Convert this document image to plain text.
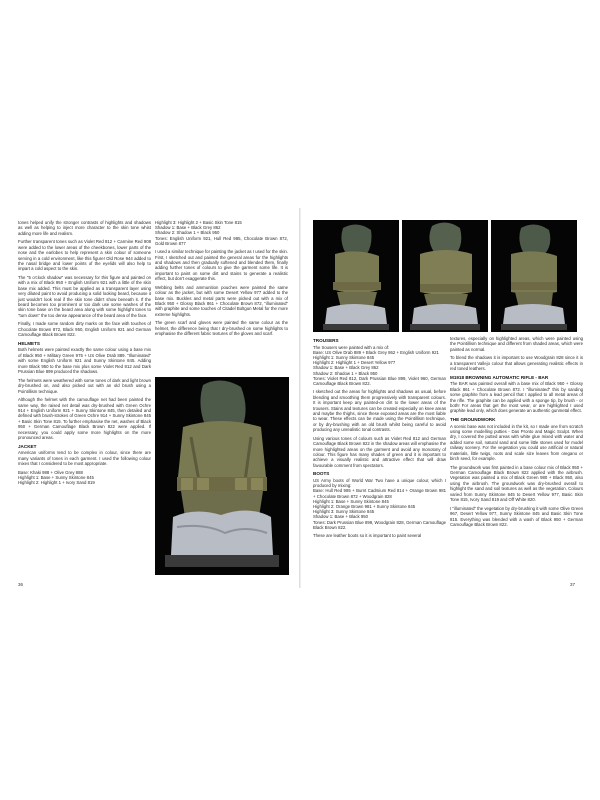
tones helped unify the stronger contrasts of highlights and shadows as well as helping to inject more character to the skin tone whist adding more life and realism.

Further transparent tones such as Violet Red 812 + Carmine Red 908 were added to the lower areas of the cheekbones, lower parts of the nose and the earlobes to help represent a skin colour of someone serving in a cold environment, like this figure! Old Rose 944 added to the nasal bridge and lower points of the eyelids will also help to impart a cold aspect to the skin.

The "5 o'clock shadow" was necessary for this figure and painted on with a mix of Black 950 + English Uniform 921 with a little of the skin base mix added. This must be applied as a transparent layer using very diluted paint to avoid producing a solid looking beard, because it just wouldn't look real if the skin tone didn't show beneath it. If the beard becomes too prominent or too dark use some washes of the skin tone base on the beard area along with some highlight tones to "turn down" the too dense appearance of the beard area of the face.

Finally, I made some random dirty marks on the face with touches of Chocolate Brown 872, Black 950, English Uniform 921 and German Camouflage Black Brown 822.

HELMETS

Both helmets were painted exactly the same colour using a base mix of Black 950 + Military Green 975 + US Olive Drab 889. "Illuminated" with some English Uniform 921 and Sunny Skintone 845. Adding more Black 950 to the base mix plus some Violet Red 812 and Dark Prussian Blue 899 produced the shadows.

The helmets were weathered with some tones of dark and light brown dry-brushed on, and also picked out with an old brush using a Pointillism technique.

Although the helmet with the camouflage net had been painted the same way, the raised net detail was dry-brushed with Green Ochre 914 + English Uniform 921 + Sunny Skintone 845, then detailed and defined with brush-strokes of Green Ochre 914 + Sunny Skintone 845 + Basic Skin Tone 815. To further emphasise the net, washes of Black 950 + German Camouflage Black Brown 822 were applied. If necessary, you could apply some more highlights on the more pronounced areas.

JACKET

American uniforms tend to be complex in colour, since there are many variants of tones in each garment. I used the following colour mixes that I considered to be most appropriate.

Base: Khaki 988 + Olive Grey 888
Highlight 1: Base + Sunny Skintone 845
Highlight 2: Highlight 1 + Ivory Sand 819
Highlight 3: Highlight 2 + Basic Skin Tone 815
Shadow 1: Base + Black Grey 862
Shadow 2: Shadow 1 + Black 950
Tones: English Uniform 921, Hull Red 985, Chocolate Brown 872, Gold Brown 877

I used a similar technique for painting the jacket as I used for the skin. First, I sketched out and painted the general areas for the highlights and shadows and then gradually softened and blended them, finally adding further tones of colours to give the garment some life. It is important to paint on some dirt and stains to generate a realistic effect, but don't exaggerate this.

Webbing belts and ammunition pouches were painted the same colour as the jacket, but with some Desert Yellow 977 added to the base mix. Buckles and metal parts were picked out with a mix of Black 950 + Glossy Black 861 + Chocolate Brown 872, "illuminated" with graphite and some touches of Citadel Boltgun Metal for the more extreme highlights.

The green scarf and gloves were painted the same colour as the helmet, the difference being that I dry-brushed on some highlights to emphasise the different fabric textures of the gloves and scarf.

36
TROUSERS
The trousers were painted with a mix of:
Base: US Olive Drab 889 + Black Grey 862 + English Uniform 921
Highlight 1: Sunny Skintone 845
Highlight 2: Highlight 1 + Desert Yellow 977
Shadow 1: Base + Black Grey 862
Shadow 2: Shadow 1 + Black 950
Tones: Violet Red 812, Dark Prussian Blue 899, Violet 960, German Camouflage Black Brown 822.

I sketched out the areas for highlights and shadows as usual, before blending and smoothing them progressively with transparent colours. It is important keep any painted-on dirt to the lower areas of the trousers. Stains and textures can be created especially on knee areas and maybe the thighs, since these exposed areas are the most liable to wear. These effects can be made using the Pointillism technique, or by dry-brushing with an old brush whilst being careful to avoid producing any unrealistic tonal contrasts.

Using various tones of colours such as Violet Red 812 and German Camouflage Black Brown 822 in the shadow areas will emphasise the more highlighted areas on the garment and avoid any monotony of colour. This figure has many shades of green and it is important to achieve a visually realistic and attractive effect that will draw favourable comment from spectators.

BOOTS
US Army boots of World War Two have a unique colour, which I produced by mixing:
Base: Hull Red 985 + Burnt Cadmium Red 814 + Orange Brown 981 + Chocolate Brown 872 + Woodgrain 828
Highlight 1: Base + Sunny Skintone 845
Highlight 2: Orange Brown 981 + Sunny Skintone 845
Highlight 3: Sunny Skintone 845
Shadow 1: Base + Black 950
Tones: Dark Prussian Blue 899, Woodgrain 828, German Camouflage Black Brown 822.

These are leather boots so it is important to paint several

textures, especially on highlighted areas, which were painted using the Pointillism technique and different from shaded areas, which were painted as normal.

To blend the shadows it is important to use Woodgrain 828 since it is a transparent Vallejo colour that allows generating realistic effects in red toned leathers.

M1918 BROWNING AUTOMATIC RIFLE - BAR

The BAR was painted overall with a base mix of Black 950 + Glossy Black 861 + Chocolate Brown 872. I "illuminated" this by sanding some graphite from a lead pencil that I applied to all metal areas of the rifle. The graphite can be applied with a sponge tip, by brush - or both! For areas that get the most wear, or are highlighted I used graphite lead only, which does generate an authentic gunmetal effect.

THE GROUNDWORK

A scenic base was not included in the kit, so I made one from scratch using some modelling putties - Das Pronto and Magic Sculpt. When dry, I covered the putted areas with white glue mixed with water and added some soil, natural sand and some little stones used for model railway scenery. For the vegetation you could use artificial or natural materials, little twigs, roots and scale size leaves from oregano or birch seed, for example.

The groundwork was first painted in a base colour mix of Black 950 + German Camouflage Black Brown 822 applied with the airbrush. Vegetation was painted a mix of Black Green 980 + Black 950, also using the airbrush. The groundwork was dry-brushed overall to highlight the sand and soil textures as well as the vegetation. Colours varied from Sunny Skintone 845 to Desert Yellow 977, Basic Skin Tone 815, Ivory Sand 819 and Off White 820.

I "illuminated" the vegetation by dry-brushing it with some Olive Green 967, Desert Yellow 977, Sunny Skintone 845 and Basic Skin Tone 815. Everything was blended with a wash of Black 950 + German Camouflage Black Brown 822.

37
